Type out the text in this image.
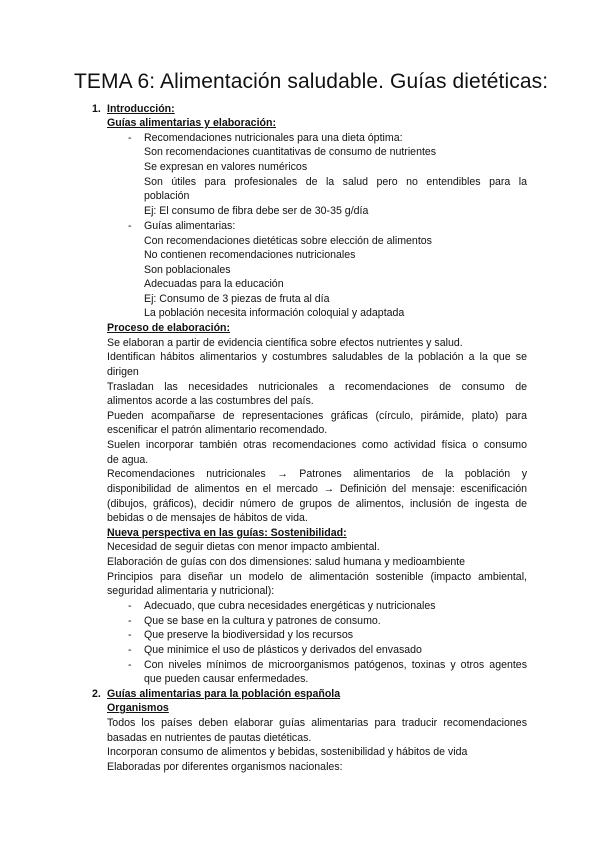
TEMA 6: Alimentación saludable. Guías dietéticas:
1. Introducción:
Guías alimentarias y elaboración:
- Recomendaciones nutricionales para una dieta óptima:
Son recomendaciones cuantitativas de consumo de nutrientes
Se expresan en valores numéricos
Son útiles para profesionales de la salud pero no entendibles para la
población
Ej: El consumo de fibra debe ser de 30-35 g/día
- Guías alimentarias:
Con recomendaciones dietéticas sobre elección de alimentos
No contienen recomendaciones nutricionales
Son poblacionales
Adecuadas para la educación
Ej: Consumo de 3 piezas de fruta al día
La población necesita información coloquial y adaptada
Proceso de elaboración:
Se elaboran a partir de evidencia científica sobre efectos nutrientes y salud.
Identifican hábitos alimentarios y costumbres saludables de la población a la que se
dirigen
Trasladan las necesidades nutricionales a recomendaciones de consumo de
alimentos acorde a las costumbres del país.
Pueden acompañarse de representaciones gráficas (círculo, pirámide, plato) para
escenificar el patrón alimentario recomendado.
Suelen incorporar también otras recomendaciones como actividad física o consumo
de agua.
Recomendaciones nutricionales → Patrones alimentarios de la población y
disponibilidad de alimentos en el mercado → Definición del mensaje: escenificación
(dibujos, gráficos), decidir número de grupos de alimentos, inclusión de ingesta de
bebidas o de mensajes de hábitos de vida.
Nueva perspectiva en las guías: Sostenibilidad:
Necesidad de seguir dietas con menor impacto ambiental.
Elaboración de guías con dos dimensiones: salud humana y medioambiente
Principios para diseñar un modelo de alimentación sostenible (impacto ambiental,
seguridad alimentaria y nutricional):
- Adecuado, que cubra necesidades energéticas y nutricionales
- Que se base en la cultura y patrones de consumo.
- Que preserve la biodiversidad y los recursos
- Que minimice el uso de plásticos y derivados del envasado
- Con niveles mínimos de microorganismos patógenos, toxinas y otros agentes
que pueden causar enfermedades.
2. Guías alimentarias para la población española
Organismos
Todos los países deben elaborar guías alimentarias para traducir recomendaciones
basadas en nutrientes de pautas dietéticas.
Incorporan consumo de alimentos y bebidas, sostenibilidad y hábitos de vida
Elaboradas por diferentes organismos nacionales:
